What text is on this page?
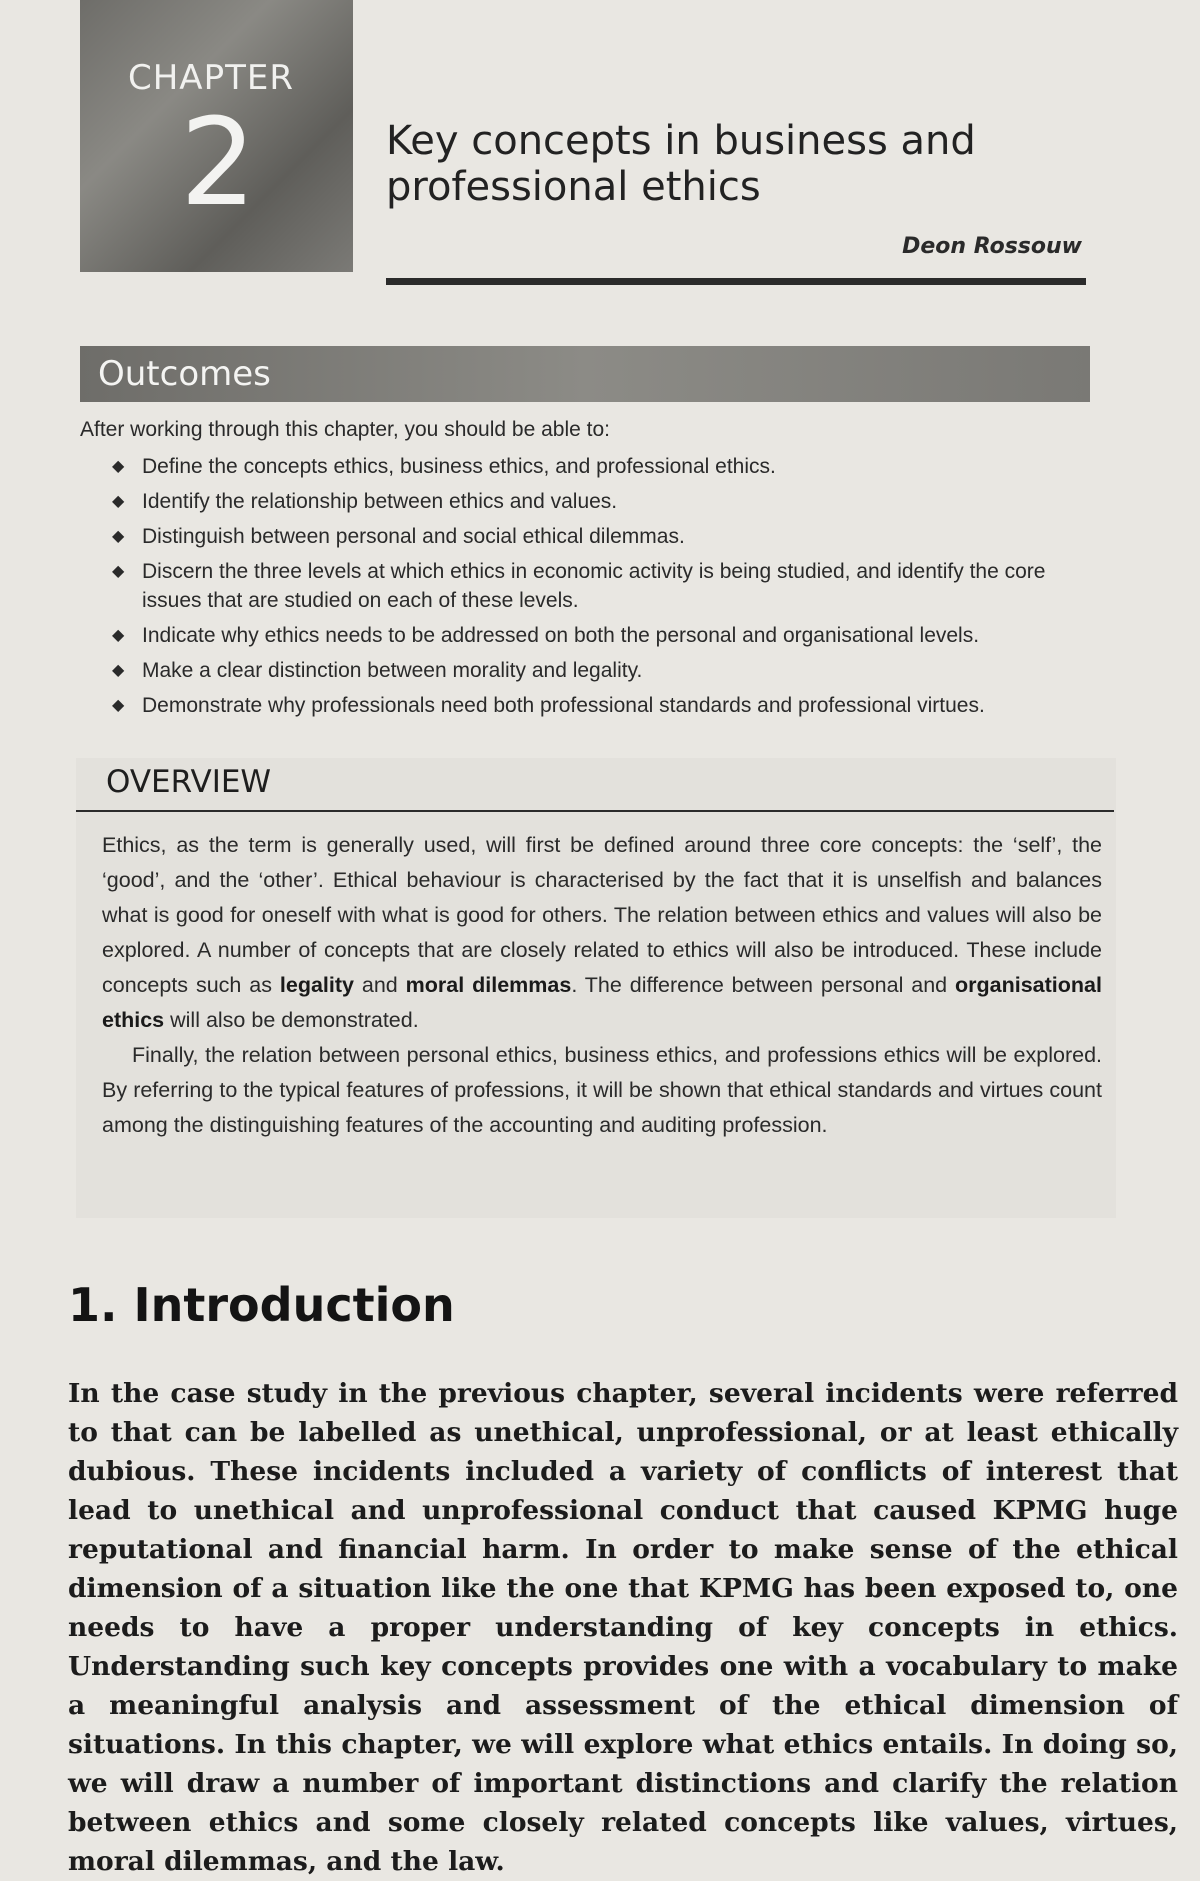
CHAPTER
2	Key concepts in business and professional ethics
Deon Rossouw
Outcomes
After working through this chapter, you should be able to:
◆ Define the concepts ethics, business ethics, and professional ethics.
◆ Identify the relationship between ethics and values.
◆ Distinguish between personal and social ethical dilemmas.
◆ Discern the three levels at which ethics in economic activity is being studied, and identify the core issues that are studied on each of these levels.
◆ Indicate why ethics needs to be addressed on both the personal and organisational levels.
◆ Make a clear distinction between morality and legality.
◆ Demonstrate why professionals need both professional standards and professional virtues.
OVERVIEW

Ethics, as the term is generally used, will first be defined around three core concepts: the ‘self’, the ‘good’, and the ‘other’. Ethical behaviour is characterised by the fact that it is unselfish and balances what is good for oneself with what is good for others. The relation between ethics and values will also be explored. A number of concepts that are closely related to ethics will also be introduced. These include concepts such as legality and moral dilemmas. The difference between personal and organisational ethics will also be demonstrated.

Finally, the relation between personal ethics, business ethics, and professions ethics will be explored. By referring to the typical features of professions, it will be shown that ethical standards and virtues count among the distinguishing features of the accounting and auditing profession.

1. Introduction

In the case study in the previous chapter, several incidents were referred to that can be labelled as unethical, unprofessional, or at least ethically dubious. These incidents included a variety of conflicts of interest that lead to unethical and unprofessional conduct that caused KPMG huge reputational and financial harm. In order to make sense of the ethical dimension of a situation like the one that KPMG has been exposed to, one needs to have a proper understanding of key concepts in ethics. Understanding such key concepts provides one with a vocabulary to make a meaningful analysis and assessment of the ethical dimension of situations. In this chapter, we will explore what ethics entails. In doing so, we will draw a number of important distinctions and clarify the relation between ethics and some closely related concepts like values, virtues, moral dilemmas, and the law.
